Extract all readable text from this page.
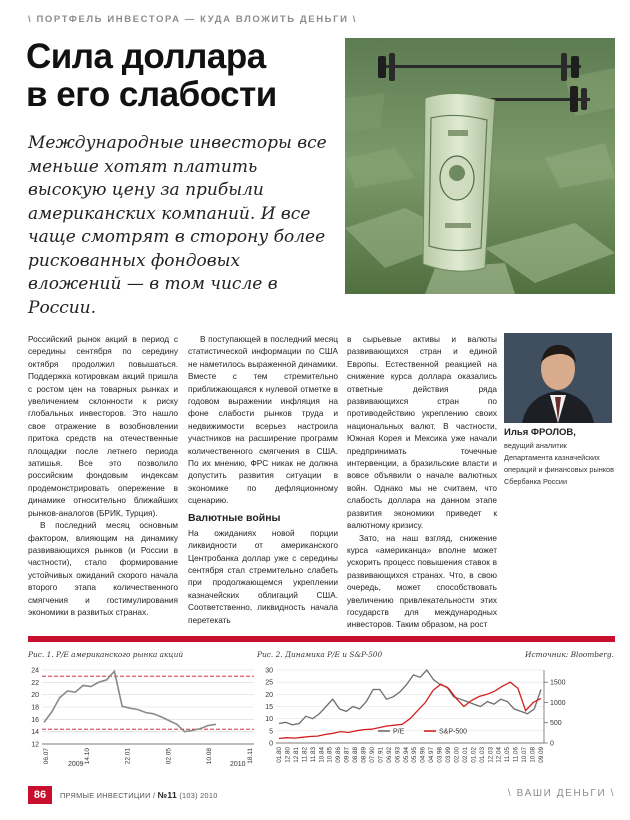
\ ПОРТФЕЛЬ ИНВЕСТОРА — КУДА ВЛОЖИТЬ ДЕНЬГИ \
Сила доллара
в его слабости

Международные инвесторы все меньше хотят платить высокую цену за прибыли американских компаний. И все чаще смотрят в сторону более рискованных фондовых вложений — в том числе в России.

Российский рынок акций в период с середины сентября по середину октября продолжил повышаться. Поддержка котировкам акций пришла с ростом цен на товарных рынках и увеличением склонности к риску глобальных инвесторов. Это нашло свое отражение в возобновлении притока средств на отечественные площадки после летнего периода затишья. Все это позволило российским фондовым индексам продемонстрировать опережение в динамике относительно ближайших рынков-аналогов (БРИК, Турция).

В последний месяц основным фактором, влияющим на динамику развивающихся рынков (и России в частности), стало формирование устойчивых ожиданий скорого начала второго этапа количественного смягчения и гостимулирования экономики в развитых странах.

В поступающей в последний месяц статистической информации по США не наметилось выраженной динамики. Вместе с тем стремительно приближающаяся к нулевой отметке в годовом выражении инфляция на фоне слабости рынков труда и недвижимости всерьез настроила участников на расширение программ количественного смягчения в США. По их мнению, ФРС никак не должна допустить развития ситуации в экономике по дефляционному сценарию.

Валютные войны

На ожиданиях новой порции ликвидности от американского Центробанка доллар уже с середины сентября стал стремительно слабеть при продолжающемся укреплении казначейских облигаций США. Соответственно, ликвидность начала перетекать

в сырьевые активы и валюты развивающихся стран и единой Европы. Естественной реакцией на снижение курса доллара оказались ответные действия ряда развивающихся стран по противодействию укреплению своих национальных валют. В частности, Южная Корея и Мексика уже начали предпринимать точечные интервенции, а бразильские власти и вовсе объявили о начале валютных войн. Однако мы не считаем, что слабость доллара на данном этапе развития экономики приведет к валютному кризису.

Зато, на наш взгляд, снижение курса «американца» вполне может ускорить процесс повышения ставок в развивающихся странах. Что, в свою очередь, может способствовать увеличению привлекательности этих государств для международных инвесторов. Таким образом, на рост

Илья ФРОЛОВ,
ведущий аналитик Департамента казначейских операций и финансовых рынков Сбербанка России
Рис. 1. P/E американского рынка акций	Рис. 2. Динамика P/E и S&P-500	Источник: Bloomberg.
12
14
16
18
20
22
24
06.07	14.10	22.01	02.05	10.08	18.11
2009	2010
0
5
10
15
20
25
30
0
500
1000
1500
01.80 12.80 12.81 11.82 11.83 10.84 10.85 09.86 09.87 08.88 08.89 07.90 07.91 06.92 06.93 05.94 05.95 04.96 04.97 03.98 03.99 02.00 02.01 01.02 01.03 12.03 12.04 11.05 11.06 10.07 10.08 09.09
P/E	S&P-500
86	ПРЯМЫЕ ИНВЕСТИЦИИ / №11 (103) 2010	\ ВАШИ ДЕНЬГИ \
